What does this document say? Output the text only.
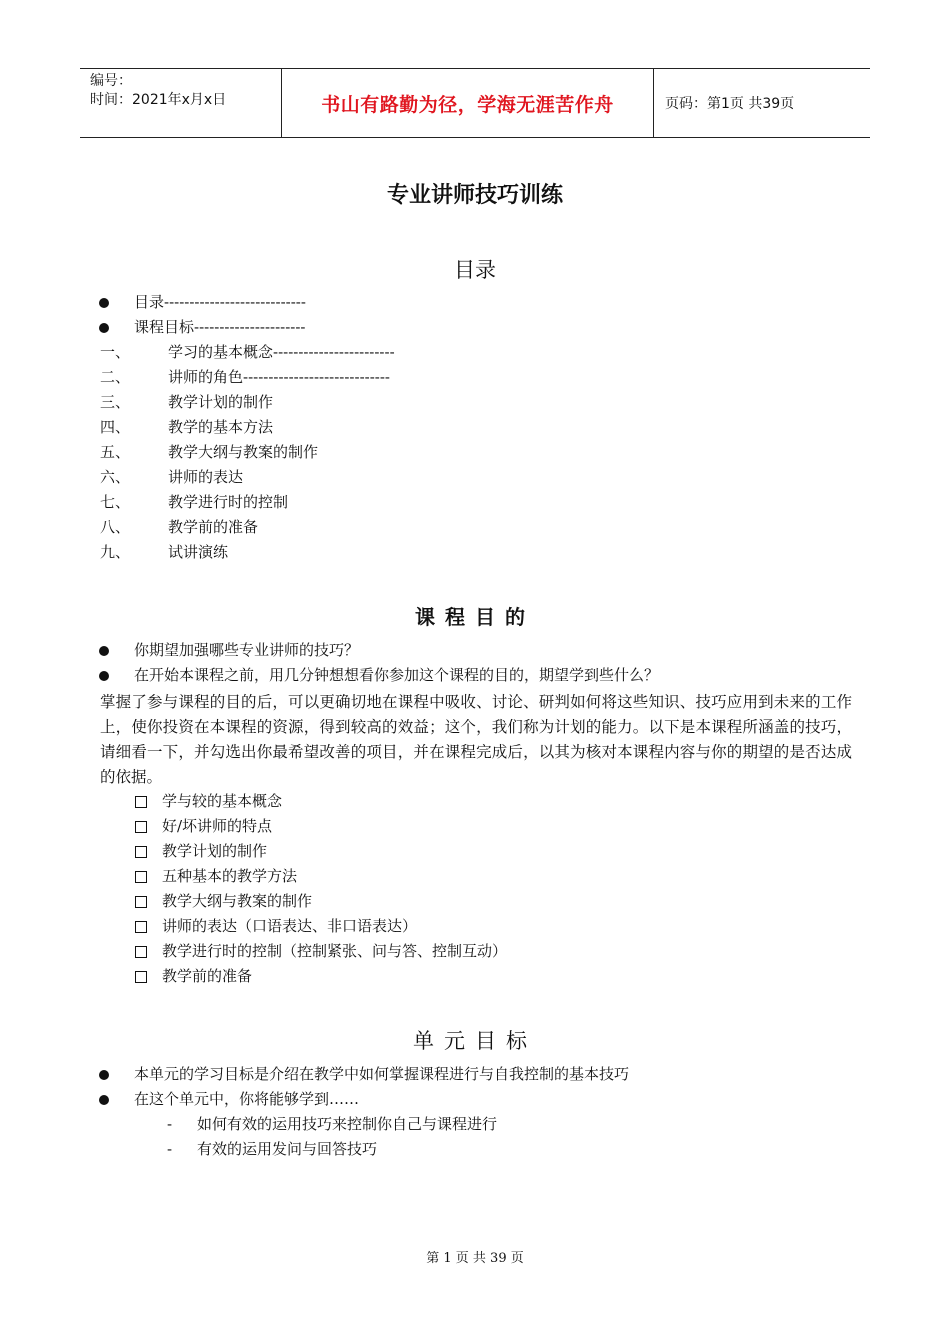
编号：
时间：2021年x月x日	书山有路勤为径，学海无涯苦作舟	页码：第1页 共39页
专业讲师技巧训练
目录
目录----------------------------
课程目标----------------------
一、	学习的基本概念------------------------
二、	讲师的角色-----------------------------
三、	教学计划的制作
四、	教学的基本方法
五、	教学大纲与教案的制作
六、	讲师的表达
七、	教学进行时的控制
八、	教学前的准备
九、	试讲演练
课程目的
你期望加强哪些专业讲师的技巧？
在开始本课程之前，用几分钟想想看你参加这个课程的目的，期望学到些什么？
掌握了参与课程的目的后，可以更确切地在课程中吸收、讨论、研判如何将这些知识、技巧应用到未来的工作上，使你投资在本课程的资源，得到较高的效益；这个，我们称为计划的能力。以下是本课程所涵盖的技巧，请细看一下，并勾选出你最希望改善的项目，并在课程完成后，以其为核对本课程内容与你的期望的是否达成的依据。
学与较的基本概念
好/坏讲师的特点
教学计划的制作
五种基本的教学方法
教学大纲与教案的制作
讲师的表达（口语表达、非口语表达）
教学进行时的控制（控制紧张、问与答、控制互动）
教学前的准备
单元目标
本单元的学习目标是介绍在教学中如何掌握课程进行与自我控制的基本技巧
在这个单元中，你将能够学到……
- 如何有效的运用技巧来控制你自己与课程进行
- 有效的运用发问与回答技巧
第 1 页 共 39 页
